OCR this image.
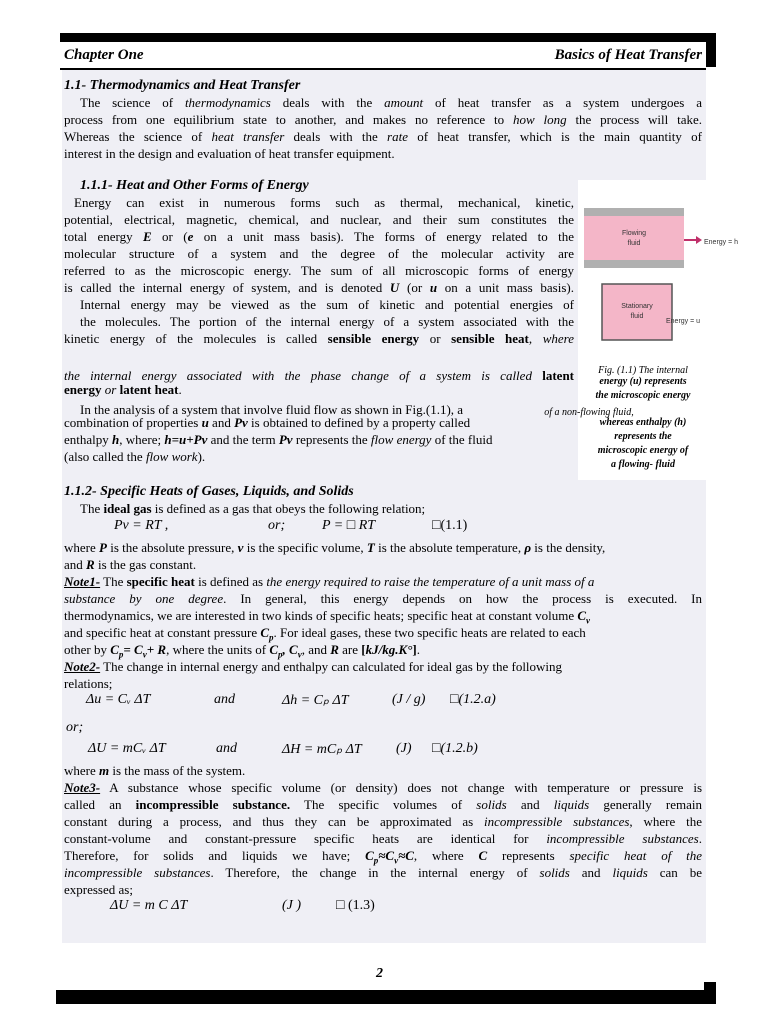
Chapter One	Basics of Heat Transfer
1.1- Thermodynamics and Heat Transfer
The science of thermodynamics deals with the amount of heat transfer as a system undergoes a
process from one equilibrium state to another, and makes no reference to how long the process will take.
Whereas the science of heat transfer deals with the rate of heat transfer, which is the main quantity of
interest in the design and evaluation of heat transfer equipment.
1.1.1- Heat and Other Forms of Energy
Energy can exist in numerous forms such as thermal, mechanical, kinetic,
potential, electrical, magnetic, chemical, and nuclear, and their sum constitutes the
total energy E or (e on a unit mass basis). The forms of energy related to the
molecular structure of a system and the degree of the molecular activity are
referred to as the microscopic energy. The sum of all microscopic forms of energy
is called the internal energy of system, and is denoted U (or u on a unit mass basis).
Internal energy may be viewed as the sum of kinetic and potential energies of
the molecules. The portion of the internal energy of a system associated with the
kinetic energy of the molecules is called sensible energy or sensible heat, where
the internal energy associated with the phase change of a system is called latent
energy or latent heat.
In the analysis of a system that involve fluid flow as shown in Fig.(1.1), a
combination of properties u and Pv is obtained to defined by a property called
enthalpy h, where; h=u+Pv and the term Pv represents the flow energy of the fluid
(also called the flow work).
Flowing
fluid	Energy = h
Stationary
fluid
Energy = u
Fig. (1.1) The internal
energy (u) represents
the microscopic energy
of a non-flowing fluid,
whereas enthalpy (h)
represents the
microscopic energy of
a flowing- fluid
1.1.2- Specific Heats of Gases, Liquids, and Solids
The ideal gas is defined as a gas that obeys the following relation;
Pv = RT ,	or;	P = □ RT	□(1.1)
where P is the absolute pressure, v is the specific volume, T is the absolute temperature, ρ is the density,
and R is the gas constant.
Note1- The specific heat is defined as the energy required to raise the temperature of a unit mass of a
substance by one degree. In general, this energy depends on how the process is executed. In
thermodynamics, we are interested in two kinds of specific heats; specific heat at constant volume $C_v$
and specific heat at constant pressure $C_p$. For ideal gases, these two specific heats are related to each
other by $C_p= C_v+ R$, where the units of $C_p$, $C_v$, and R are [kJ/kg.K°].
Note2- The change in internal energy and enthalpy can calculated for ideal gas by the following
relations;
Δu = Cᵥ ΔT	and	Δh = Cₚ ΔT	(J / g) □(1.2.a)
or;
ΔU = mCᵥ ΔT	and	ΔH = mCₚ ΔT (J) □(1.2.b)
where m is the mass of the system.
Note3- A substance whose specific volume (or density) does not change with temperature or pressure is
called an incompressible substance. The specific volumes of solids and liquids generally remain
constant during a process, and thus they can be approximated as incompressible substances, where the
constant-volume and constant-pressure specific heats are identical for incompressible substances.
Therefore, for solids and liquids we have; $C_p\approx C_v\approx C$, where C represents specific heat of the
incompressible substances. Therefore, the change in the internal energy of solids and liquids can be
expressed as;
ΔU = m C ΔT	(J ) □ (1.3)
2
